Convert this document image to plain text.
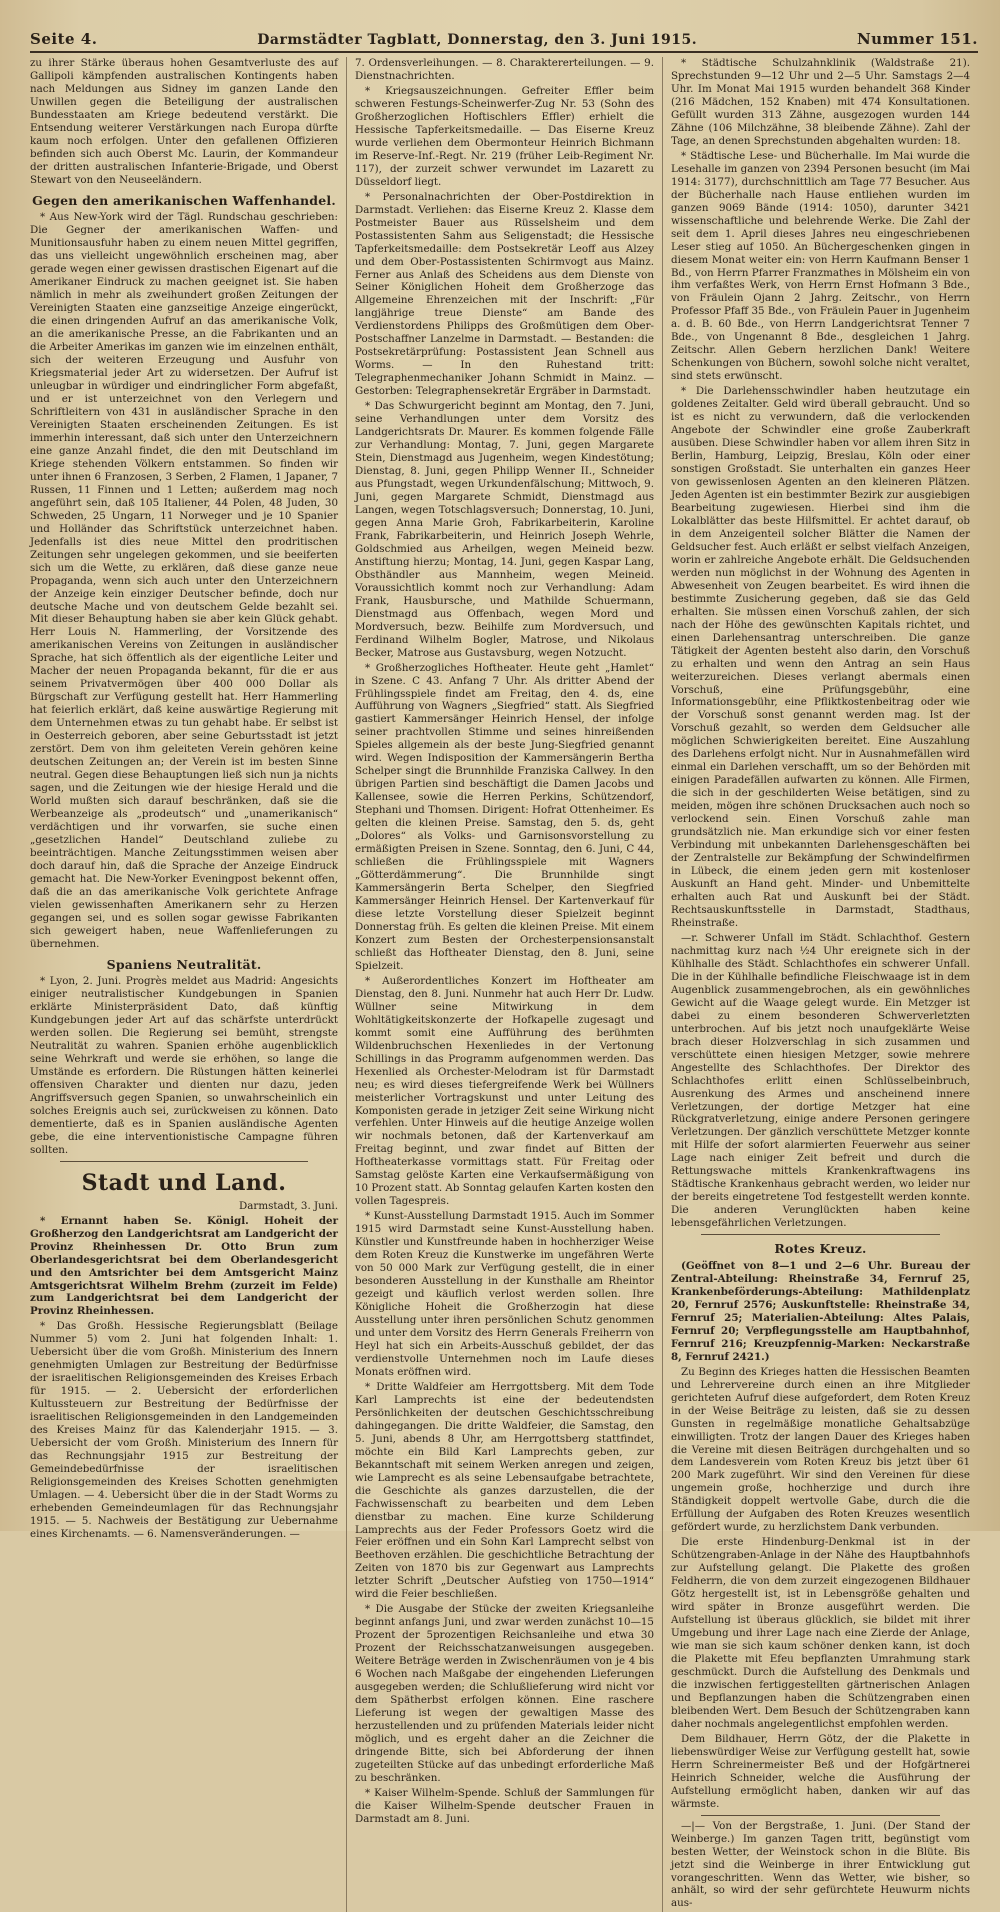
Seite 4.	Darmstädter Tagblatt, Donnerstag, den 3. Juni 1915.	Nummer 151.

zu ihrer Stärke überaus hohen Gesamtverluste des auf Gallipoli kämpfenden australischen Kontingents haben nach Meldungen aus Sidney im ganzen Lande den Unwillen gegen die Beteiligung der australischen Bundesstaaten am Kriege bedeutend verstärkt. Die Entsendung weiterer Verstärkungen nach Europa dürfte kaum noch erfolgen. Unter den gefallenen Offizieren befinden sich auch Oberst Mc. Laurin, der Kommandeur der dritten australischen Infanterie-Brigade, und Oberst Stewart von den Neuseeländern.

Gegen den amerikanischen Waffenhandel.

* Aus New-York wird der Tägl. Rundschau geschrieben: Die Gegner der amerikanischen Waffen- und Munitionsausfuhr haben zu einem neuen Mittel gegriffen, das uns vielleicht ungewöhnlich erscheinen mag, aber gerade wegen einer gewissen drastischen Eigenart auf die Amerikaner Eindruck zu machen geeignet ist. Sie haben nämlich in mehr als zweihundert großen Zeitungen der Vereinigten Staaten eine ganzseitige Anzeige eingerückt, die einen dringenden Aufruf an das amerikanische Volk, an die amerikanische Presse, an die Fabrikanten und an die Arbeiter Amerikas im ganzen wie im einzelnen enthält, sich der weiteren Erzeugung und Ausfuhr von Kriegsmaterial jeder Art zu widersetzen. Der Aufruf ist unleugbar in würdiger und eindringlicher Form abgefaßt, und er ist unterzeichnet von den Verlegern und Schriftleitern von 431 in ausländischer Sprache in den Vereinigten Staaten erscheinenden Zeitungen. Es ist immerhin interessant, daß sich unter den Unterzeichnern eine ganze Anzahl findet, die den mit Deutschland im Kriege stehenden Völkern entstammen. So finden wir unter ihnen 6 Franzosen, 3 Serben, 2 Flamen, 1 Japaner, 7 Russen, 11 Finnen und 1 Letten; außerdem mag noch angeführt sein, daß 105 Italiener, 44 Polen, 48 Juden, 30 Schweden, 25 Ungarn, 11 Norweger und je 10 Spanier und Holländer das Schriftstück unterzeichnet haben. Jedenfalls ist dies neue Mittel den prodritischen Zeitungen sehr ungelegen gekommen, und sie beeiferten sich um die Wette, zu erklären, daß diese ganze neue Propaganda, wenn sich auch unter den Unterzeichnern der Anzeige kein einziger Deutscher befinde, doch nur deutsche Mache und von deutschem Gelde bezahlt sei. Mit dieser Behauptung haben sie aber kein Glück gehabt. Herr Louis N. Hammerling, der Vorsitzende des amerikanischen Vereins von Zeitungen in ausländischer Sprache, hat sich öffentlich als der eigentliche Leiter und Macher der neuen Propaganda bekannt, für die er aus seinem Privatvermögen über 400 000 Dollar als Bürgschaft zur Verfügung gestellt hat. Herr Hammerling hat feierlich erklärt, daß keine auswärtige Regierung mit dem Unternehmen etwas zu tun gehabt habe. Er selbst ist in Oesterreich geboren, aber seine Geburtsstadt ist jetzt zerstört. Dem von ihm geleiteten Verein gehören keine deutschen Zeitungen an; der Verein ist im besten Sinne neutral. Gegen diese Behauptungen ließ sich nun ja nichts sagen, und die Zeitungen wie der hiesige Herald und die World mußten sich darauf beschränken, daß sie die Werbeanzeige als „prodeutsch“ und „unamerikanisch“ verdächtigen und ihr vorwarfen, sie suche einen „gesetzlichen Handel“ Deutschland zuliebe zu beeinträchtigen. Manche Zeitungsstimmen weisen aber doch darauf hin, daß die Sprache der Anzeige Eindruck gemacht hat. Die New-Yorker Eveningpost bekennt offen, daß die an das amerikanische Volk gerichtete Anfrage vielen gewissenhaften Amerikanern sehr zu Herzen gegangen sei, und es sollen sogar gewisse Fabrikanten sich geweigert haben, neue Waffenlieferungen zu übernehmen.

Spaniens Neutralität.

* Lyon, 2. Juni. Progrès meldet aus Madrid: Angesichts einiger neutralistischer Kundgebungen in Spanien erklärte Ministerpräsident Dato, daß künftig Kundgebungen jeder Art auf das schärfste unterdrückt werden sollen. Die Regierung sei bemüht, strengste Neutralität zu wahren. Spanien erhöhe augenblicklich seine Wehrkraft und werde sie erhöhen, so lange die Umstände es erfordern. Die Rüstungen hätten keinerlei offensiven Charakter und dienten nur dazu, jeden Angriffsversuch gegen Spanien, so unwahrscheinlich ein solches Ereignis auch sei, zurückweisen zu können. Dato dementierte, daß es in Spanien ausländische Agenten gebe, die eine interventionistische Campagne führen sollten.

Stadt und Land.

Darmstadt, 3. Juni.

* Ernannt haben Se. Königl. Hoheit der Großherzog den Landgerichtsrat am Landgericht der Provinz Rheinhessen Dr. Otto Brun zum Oberlandesgerichtsrat bei dem Oberlandesgericht und den Amtsrichter bei dem Amtsgericht Mainz Amtsgerichtsrat Wilhelm Brehm (zurzeit im Felde) zum Landgerichtsrat bei dem Landgericht der Provinz Rheinhessen.

* Das Großh. Hessische Regierungsblatt (Beilage Nummer 5) vom 2. Juni hat folgenden Inhalt: 1. Uebersicht über die vom Großh. Ministerium des Innern genehmigten Umlagen zur Bestreitung der Bedürfnisse der israelitischen Religionsgemeinden des Kreises Erbach für 1915. — 2. Uebersicht der erforderlichen Kultussteuern zur Bestreitung der Bedürfnisse der israelitischen Religionsgemeinden in den Landgemeinden des Kreises Mainz für das Kalenderjahr 1915. — 3. Uebersicht der vom Großh. Ministerium des Innern für das Rechnungsjahr 1915 zur Bestreitung der Gemeindebedürfnisse der israelitischen Religionsgemeinden des Kreises Schotten genehmigten Umlagen. — 4. Uebersicht über die in der Stadt Worms zu erhebenden Gemeindeumlagen für das Rechnungsjahr 1915. — 5. Nachweis der Bestätigung zur Uebernahme eines Kirchenamts. — 6. Namensveränderungen. —

7. Ordensverleihungen. — 8. Charaktererteilungen. — 9. Dienstnachrichten.

* Kriegsauszeichnungen. Gefreiter Effler beim schweren Festungs-Scheinwerfer-Zug Nr. 53 (Sohn des Großherzoglichen Hoftischlers Effler) erhielt die Hessische Tapferkeitsmedaille. — Das Eiserne Kreuz wurde verliehen dem Obermonteur Heinrich Bichmann im Reserve-Inf.-Regt. Nr. 219 (früher Leib-Regiment Nr. 117), der zurzeit schwer verwundet im Lazarett zu Düsseldorf liegt.

* Personalnachrichten der Ober-Postdirektion in Darmstadt. Verliehen: das Eiserne Kreuz 2. Klasse dem Postmeister Bauer aus Rüsselsheim und dem Postassistenten Sahm aus Seligenstadt; die Hessische Tapferkeitsmedaille: dem Postsekretär Leoff aus Alzey und dem Ober-Postassistenten Schirmvogt aus Mainz. Ferner aus Anlaß des Scheidens aus dem Dienste von Seiner Königlichen Hoheit dem Großherzoge das Allgemeine Ehrenzeichen mit der Inschrift: „Für langjährige treue Dienste“ am Bande des Verdienstordens Philipps des Großmütigen dem Ober-Postschaffner Lanzelme in Darmstadt. — Bestanden: die Postsekretärprüfung: Postassistent Jean Schnell aus Worms. — In den Ruhestand tritt: Telegraphenmechaniker Johann Schmidt in Mainz. — Gestorben: Telegraphensekretär Ergräber in Darmstadt.

* Das Schwurgericht beginnt am Montag, den 7. Juni, seine Verhandlungen unter dem Vorsitz des Landgerichtsrats Dr. Maurer. Es kommen folgende Fälle zur Verhandlung: Montag, 7. Juni, gegen Margarete Stein, Dienstmagd aus Jugenheim, wegen Kindestötung; Dienstag, 8. Juni, gegen Philipp Wenner II., Schneider aus Pfungstadt, wegen Urkundenfälschung; Mittwoch, 9. Juni, gegen Margarete Schmidt, Dienstmagd aus Langen, wegen Totschlagsversuch; Donnerstag, 10. Juni, gegen Anna Marie Groh, Fabrikarbeiterin, Karoline Frank, Fabrikarbeiterin, und Heinrich Joseph Wehrle, Goldschmied aus Arheilgen, wegen Meineid bezw. Anstiftung hierzu; Montag, 14. Juni, gegen Kaspar Lang, Obsthändler aus Mannheim, wegen Meineid. Voraussichtlich kommt noch zur Verhandlung: Adam Frank, Hausbursche, und Mathilde Schuermann, Dienstmagd aus Offenbach, wegen Mord und Mordversuch, bezw. Beihilfe zum Mordversuch, und Ferdinand Wilhelm Bogler, Matrose, und Nikolaus Becker, Matrose aus Gustavsburg, wegen Notzucht.

* Großherzogliches Hoftheater. Heute geht „Hamlet“ in Szene. C 43. Anfang 7 Uhr. Als dritter Abend der Frühlingsspiele findet am Freitag, den 4. ds, eine Aufführung von Wagners „Siegfried“ statt. Als Siegfried gastiert Kammersänger Heinrich Hensel, der infolge seiner prachtvollen Stimme und seines hinreißenden Spieles allgemein als der beste Jung-Siegfried genannt wird. Wegen Indisposition der Kammersängerin Bertha Schelper singt die Brunnhilde Franziska Callwey. In den übrigen Partien sind beschäftigt die Damen Jacobs und Kallensee, sowie die Herren Perkins, Schützendorf, Stephani und Thomsen. Dirigent: Hofrat Ottenheimer. Es gelten die kleinen Preise. Samstag, den 5. ds, geht „Dolores“ als Volks- und Garnisonsvorstellung zu ermäßigten Preisen in Szene. Sonntag, den 6. Juni, C 44, schließen die Frühlingsspiele mit Wagners „Götterdämmerung“. Die Brunnhilde singt Kammersängerin Berta Schelper, den Siegfried Kammersänger Heinrich Hensel. Der Kartenverkauf für diese letzte Vorstellung dieser Spielzeit beginnt Donnerstag früh. Es gelten die kleinen Preise. Mit einem Konzert zum Besten der Orchesterpensionsanstalt schließt das Hoftheater Dienstag, den 8. Juni, seine Spielzeit.

* Außerordentliches Konzert im Hoftheater am Dienstag, den 8. Juni. Nunmehr hat auch Herr Dr. Ludw. Wüllner seine Mitwirkung in dem Wohltätigkeitskonzerte der Hofkapelle zugesagt und kommt somit eine Aufführung des berühmten Wildenbruchschen Hexenliedes in der Vertonung Schillings in das Programm aufgenommen werden. Das Hexenlied als Orchester-Melodram ist für Darmstadt neu; es wird dieses tiefergreifende Werk bei Wüllners meisterlicher Vortragskunst und unter Leitung des Komponisten gerade in jetziger Zeit seine Wirkung nicht verfehlen. Unter Hinweis auf die heutige Anzeige wollen wir nochmals betonen, daß der Kartenverkauf am Freitag beginnt, und zwar findet auf Bitten der Hoftheaterkasse vormittags statt. Für Freitag oder Samstag gelöste Karten eine Verkaufsermäßigung von 10 Prozent statt. Ab Sonntag gelaufen Karten kosten den vollen Tagespreis.

* Kunst-Ausstellung Darmstadt 1915. Auch im Sommer 1915 wird Darmstadt seine Kunst-Ausstellung haben. Künstler und Kunstfreunde haben in hochherziger Weise dem Roten Kreuz die Kunstwerke im ungefähren Werte von 50 000 Mark zur Verfügung gestellt, die in einer besonderen Ausstellung in der Kunsthalle am Rheintor gezeigt und käuflich verlost werden sollen. Ihre Königliche Hoheit die Großherzogin hat diese Ausstellung unter ihren persönlichen Schutz genommen und unter dem Vorsitz des Herrn Generals Freiherrn von Heyl hat sich ein Arbeits-Ausschuß gebildet, der das verdienstvolle Unternehmen noch im Laufe dieses Monats eröffnen wird.

* Dritte Waldfeier am Herrgottsberg. Mit dem Tode Karl Lamprechts ist eine der bedeutendsten Persönlichkeiten der deutschen Geschichtsschreibung dahingegangen. Die dritte Waldfeier, die Samstag, den 5. Juni, abends 8 Uhr, am Herrgottsberg stattfindet, möchte ein Bild Karl Lamprechts geben, zur Bekanntschaft mit seinem Werken anregen und zeigen, wie Lamprecht es als seine Lebensaufgabe betrachtete, die Geschichte als ganzes darzustellen, die der Fachwissenschaft zu bearbeiten und dem Leben dienstbar zu machen. Eine kurze Schilderung Lamprechts aus der Feder Professors Goetz wird die Feier eröffnen und ein Sohn Karl Lamprecht selbst von Beethoven erzählen. Die geschichtliche Betrachtung der Zeiten von 1870 bis zur Gegenwart aus Lamprechts letzter Schrift „Deutscher Aufstieg von 1750—1914“ wird die Feier beschließen.

* Die Ausgabe der Stücke der zweiten Kriegsanleihe beginnt anfangs Juni, und zwar werden zunächst 10—15 Prozent der 5prozentigen Reichsanleihe und etwa 30 Prozent der Reichsschatzanweisungen ausgegeben. Weitere Beträge werden in Zwischenräumen von je 4 bis 6 Wochen nach Maßgabe der eingehenden Lieferungen ausgegeben werden; die Schlußlieferung wird nicht vor dem Spätherbst erfolgen können. Eine raschere Lieferung ist wegen der gewaltigen Masse des herzustellenden und zu prüfenden Materials leider nicht möglich, und es ergeht daher an die Zeichner die dringende Bitte, sich bei Abforderung der ihnen zugeteilten Stücke auf das unbedingt erforderliche Maß zu beschränken.

* Kaiser Wilhelm-Spende. Schluß der Sammlungen für die Kaiser Wilhelm-Spende deutscher Frauen in Darmstadt am 8. Juni.

* Städtische Schulzahnklinik (Waldstraße 21). Sprechstunden 9—12 Uhr und 2—5 Uhr. Samstags 2—4 Uhr. Im Monat Mai 1915 wurden behandelt 368 Kinder (216 Mädchen, 152 Knaben) mit 474 Konsultationen. Gefüllt wurden 313 Zähne, ausgezogen wurden 144 Zähne (106 Milchzähne, 38 bleibende Zähne). Zahl der Tage, an denen Sprechstunden abgehalten wurden: 18.

* Städtische Lese- und Bücherhalle. Im Mai wurde die Lesehalle im ganzen von 2394 Personen besucht (im Mai 1914: 3177), durchschnittlich am Tage 77 Besucher. Aus der Bücherhalle nach Hause entliehen wurden im ganzen 9069 Bände (1914: 1050), darunter 3421 wissenschaftliche und belehrende Werke. Die Zahl der seit dem 1. April dieses Jahres neu eingeschriebenen Leser stieg auf 1050. An Büchergeschenken gingen in diesem Monat weiter ein: von Herrn Kaufmann Benser 1 Bd., von Herrn Pfarrer Franzmathes in Mölsheim ein von ihm verfaßtes Werk, von Herrn Ernst Hofmann 3 Bde., von Fräulein Ojann 2 Jahrg. Zeitschr., von Herrn Professor Pfaff 35 Bde., von Fräulein Pauer in Jugenheim a. d. B. 60 Bde., von Herrn Landgerichtsrat Tenner 7 Bde., von Ungenannt 8 Bde., desgleichen 1 Jahrg. Zeitschr. Allen Gebern herzlichen Dank! Weitere Schenkungen von Büchern, sowohl solche nicht veraltet, sind stets erwünscht.

* Die Darlehensschwindler haben heutzutage ein goldenes Zeitalter. Geld wird überall gebraucht. Und so ist es nicht zu verwundern, daß die verlockenden Angebote der Schwindler eine große Zauberkraft ausüben. Diese Schwindler haben vor allem ihren Sitz in Berlin, Hamburg, Leipzig, Breslau, Köln oder einer sonstigen Großstadt. Sie unterhalten ein ganzes Heer von gewissenlosen Agenten an den kleineren Plätzen. Jeden Agenten ist ein bestimmter Bezirk zur ausgiebigen Bearbeitung zugewiesen. Hierbei sind ihm die Lokalblätter das beste Hilfsmittel. Er achtet darauf, ob in dem Anzeigenteil solcher Blätter die Namen der Geldsucher fest. Auch erläßt er selbst vielfach Anzeigen, worin er zahlreiche Angebote erhält. Die Geldsuchenden werden nun möglichst in der Wohnung des Agenten in Abwesenheit von Zeugen bearbeitet. Es wird ihnen die bestimmte Zusicherung gegeben, daß sie das Geld erhalten. Sie müssen einen Vorschuß zahlen, der sich nach der Höhe des gewünschten Kapitals richtet, und einen Darlehensantrag unterschreiben. Die ganze Tätigkeit der Agenten besteht also darin, den Vorschuß zu erhalten und wenn den Antrag an sein Haus weiterzureichen. Dieses verlangt abermals einen Vorschuß, eine Prüfungsgebühr, eine Informationsgebühr, eine Pfliktkostenbeitrag oder wie der Vorschuß sonst genannt werden mag. Ist der Vorschuß gezahlt, so werden dem Geldsucher alle möglichen Schwierigkeiten bereitet. Eine Auszahlung des Darlehens erfolgt nicht. Nur in Ausnahmefällen wird einmal ein Darlehen verschafft, um so der Behörden mit einigen Paradefällen aufwarten zu können. Alle Firmen, die sich in der geschilderten Weise betätigen, sind zu meiden, mögen ihre schönen Drucksachen auch noch so verlockend sein. Einen Vorschuß zahle man grundsätzlich nie. Man erkundige sich vor einer festen Verbindung mit unbekannten Darlehensgeschäften bei der Zentralstelle zur Bekämpfung der Schwindelfirmen in Lübeck, die einem jeden gern mit kostenloser Auskunft an Hand geht. Minder- und Unbemittelte erhalten auch Rat und Auskunft bei der Städt. Rechtsauskunftsstelle in Darmstadt, Stadthaus, Rheinstraße.

—r. Schwerer Unfall im Städt. Schlachthof. Gestern nachmittag kurz nach ½4 Uhr ereignete sich in der Kühlhalle des Städt. Schlachthofes ein schwerer Unfall. Die in der Kühlhalle befindliche Fleischwaage ist in dem Augenblick zusammengebrochen, als ein gewöhnliches Gewicht auf die Waage gelegt wurde. Ein Metzger ist dabei zu einem besonderen Schwerverletzten unterbrochen. Auf bis jetzt noch unaufgeklärte Weise brach dieser Holzverschlag in sich zusammen und verschüttete einen hiesigen Metzger, sowie mehrere Angestellte des Schlachthofes. Der Direktor des Schlachthofes erlitt einen Schlüsselbeinbruch, Ausrenkung des Armes und anscheinend innere Verletzungen, der dortige Metzger hat eine Rückgratverletzung, einige andere Personen geringere Verletzungen. Der gänzlich verschüttete Metzger konnte mit Hilfe der sofort alarmierten Feuerwehr aus seiner Lage nach einiger Zeit befreit und durch die Rettungswache mittels Krankenkraftwagens ins Städtische Krankenhaus gebracht werden, wo leider nur der bereits eingetretene Tod festgestellt werden konnte. Die anderen Verunglückten haben keine lebensgefährlichen Verletzungen.

Rotes Kreuz.

(Geöffnet von 8—1 und 2—6 Uhr. Bureau der Zentral-Abteilung: Rheinstraße 34, Fernruf 25, Krankenbeförderungs-Abteilung: Mathildenplatz 20, Fernruf 2576; Auskunftstelle: Rheinstraße 34, Fernruf 25; Materialien-Abteilung: Altes Palais, Fernruf 20; Verpflegungsstelle am Hauptbahnhof, Fernruf 216; Kreuzpfennig-Marken: Neckarstraße 8, Fernruf 2421.)

Zu Beginn des Krieges hatten die Hessischen Beamten und Lehrervereine durch einen an ihre Mitglieder gerichteten Aufruf diese aufgefordert, dem Roten Kreuz in der Weise Beiträge zu leisten, daß sie zu dessen Gunsten in regelmäßige monatliche Gehaltsabzüge einwilligten. Trotz der langen Dauer des Krieges haben die Vereine mit diesen Beiträgen durchgehalten und so dem Landesverein vom Roten Kreuz bis jetzt über 61 200 Mark zugeführt. Wir sind den Vereinen für diese ungemein große, hochherzige und durch ihre Ständigkeit doppelt wertvolle Gabe, durch die die Erfüllung der Aufgaben des Roten Kreuzes wesentlich gefördert wurde, zu herzlichstem Dank verbunden.

Die erste Hindenburg-Denkmal ist in der Schützengraben-Anlage in der Nähe des Hauptbahnhofs zur Aufstellung gelangt. Die Plakette des großen Feldherrn, die von dem zurzeit eingezogenen Bildhauer Götz hergestellt ist, ist in Lebensgröße gehalten und wird später in Bronze ausgeführt werden. Die Aufstellung ist überaus glücklich, sie bildet mit ihrer Umgebung und ihrer Lage nach eine Zierde der Anlage, wie man sie sich kaum schöner denken kann, ist doch die Plakette mit Efeu bepflanzten Umrahmung stark geschmückt. Durch die Aufstellung des Denkmals und die inzwischen fertiggestellten gärtnerischen Anlagen und Bepflanzungen haben die Schützengraben einen bleibenden Wert. Dem Besuch der Schützengraben kann daher nochmals angelegentlichst empfohlen werden.

Dem Bildhauer, Herrn Götz, der die Plakette in liebenswürdiger Weise zur Verfügung gestellt hat, sowie Herrn Schreinermeister Beß und der Hofgärtnerei Heinrich Schneider, welche die Ausführung der Aufstellung ermöglicht haben, danken wir auf das wärmste.

—|— Von der Bergstraße, 1. Juni. (Der Stand der Weinberge.) Im ganzen Tagen tritt, begünstigt vom besten Wetter, der Weinstock schon in die Blüte. Bis jetzt sind die Weinberge in ihrer Entwicklung gut vorangeschritten. Wenn das Wetter, wie bisher, so anhält, so wird der sehr gefürchtete Heuwurm nichts aus-
